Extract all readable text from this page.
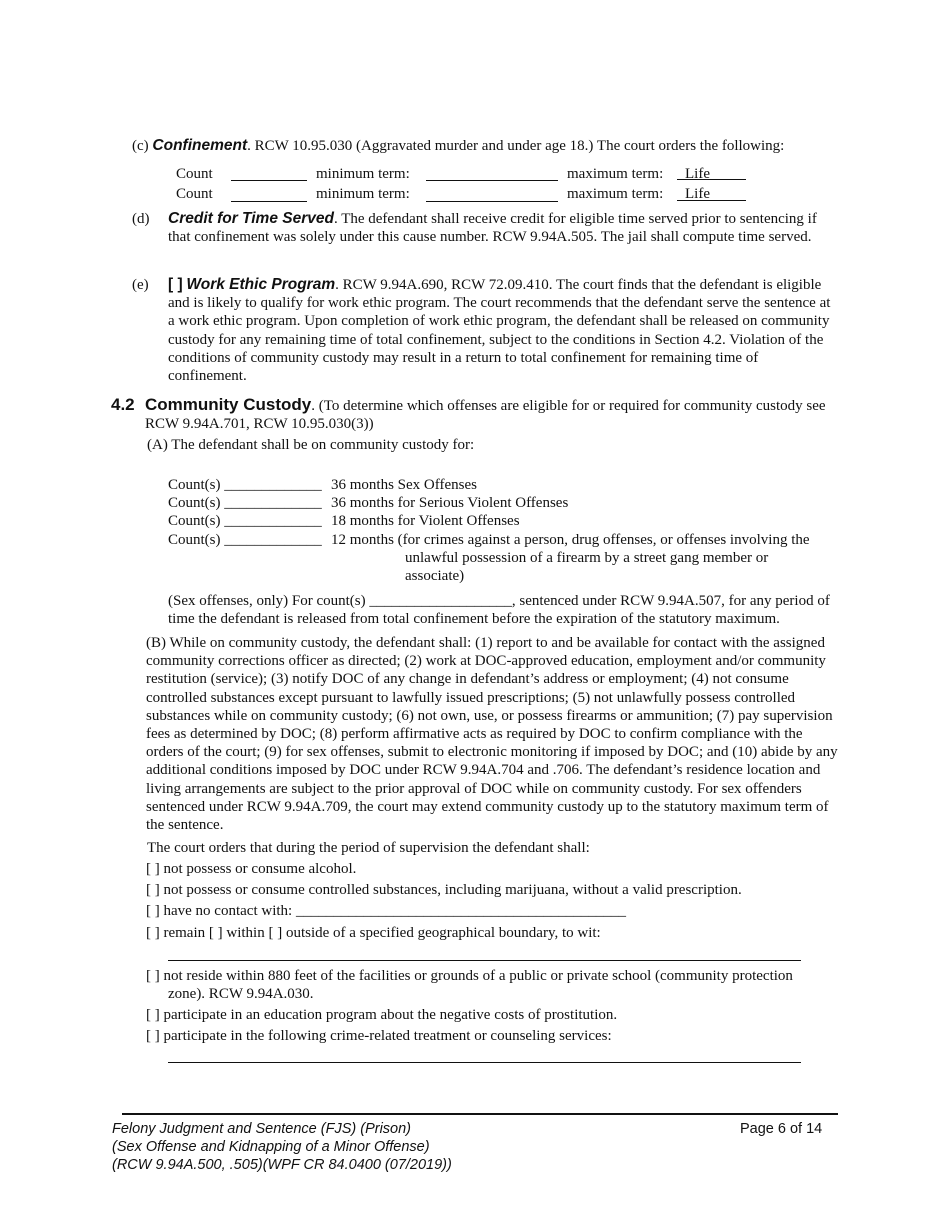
(c) Confinement. RCW 10.95.030 (Aggravated murder and under age 18.) The court orders the following:
Count	minimum term:	maximum term:	Life
Count	minimum term:	maximum term:	Life
(d) Credit for Time Served. The defendant shall receive credit for eligible time served prior to sentencing if that confinement was solely under this cause number. RCW 9.94A.505. The jail shall compute time served.
(e) [ ] Work Ethic Program. RCW 9.94A.690, RCW 72.09.410. The court finds that the defendant is eligible and is likely to qualify for work ethic program. The court recommends that the defendant serve the sentence at a work ethic program. Upon completion of work ethic program, the defendant shall be released on community custody for any remaining time of total confinement, subject to the conditions in Section 4.2. Violation of the conditions of community custody may result in a return to total confinement for remaining time of confinement.
4.2 Community Custody. (To determine which offenses are eligible for or required for community custody see RCW 9.94A.701, RCW 10.95.030(3))
(A) The defendant shall be on community custody for:
Count(s) _____________ 36 months Sex Offenses
Count(s) _____________ 36 months for Serious Violent Offenses
Count(s) _____________ 18 months for Violent Offenses
Count(s) _____________ 12 months (for crimes against a person, drug offenses, or offenses involving the
unlawful possession of a firearm by a street gang member or associate)
(Sex offenses, only) For count(s) ___________________, sentenced under RCW 9.94A.507, for any period of time the defendant is released from total confinement before the expiration of the statutory maximum.
(B) While on community custody, the defendant shall: (1) report to and be available for contact with the assigned community corrections officer as directed; (2) work at DOC-approved education, employment and/or community restitution (service); (3) notify DOC of any change in defendant’s address or employment; (4) not consume controlled substances except pursuant to lawfully issued prescriptions; (5) not unlawfully possess controlled substances while on community custody; (6) not own, use, or possess firearms or ammunition; (7) pay supervision fees as determined by DOC; (8) perform affirmative acts as required by DOC to confirm compliance with the orders of the court; (9) for sex offenses, submit to electronic monitoring if imposed by DOC; and (10) abide by any additional conditions imposed by DOC under RCW 9.94A.704 and .706. The defendant’s residence location and living arrangements are subject to the prior approval of DOC while on community custody. For sex offenders sentenced under RCW 9.94A.709, the court may extend community custody up to the statutory maximum term of the sentence.
The court orders that during the period of supervision the defendant shall:
[ ] not possess or consume alcohol.
[ ] not possess or consume controlled substances, including marijuana, without a valid prescription.
[ ] have no contact with: ____________________________________________
[ ] remain [ ] within [ ] outside of a specified geographical boundary, to wit:
[ ] not reside within 880 feet of the facilities or grounds of a public or private school (community protection
zone). RCW 9.94A.030.
[ ] participate in an education program about the negative costs of prostitution.
[ ] participate in the following crime-related treatment or counseling services:
Felony Judgment and Sentence (FJS) (Prison)
(Sex Offense and Kidnapping of a Minor Offense)
(RCW 9.94A.500, .505)(WPF CR 84.0400 (07/2019))
Page 6 of 14
